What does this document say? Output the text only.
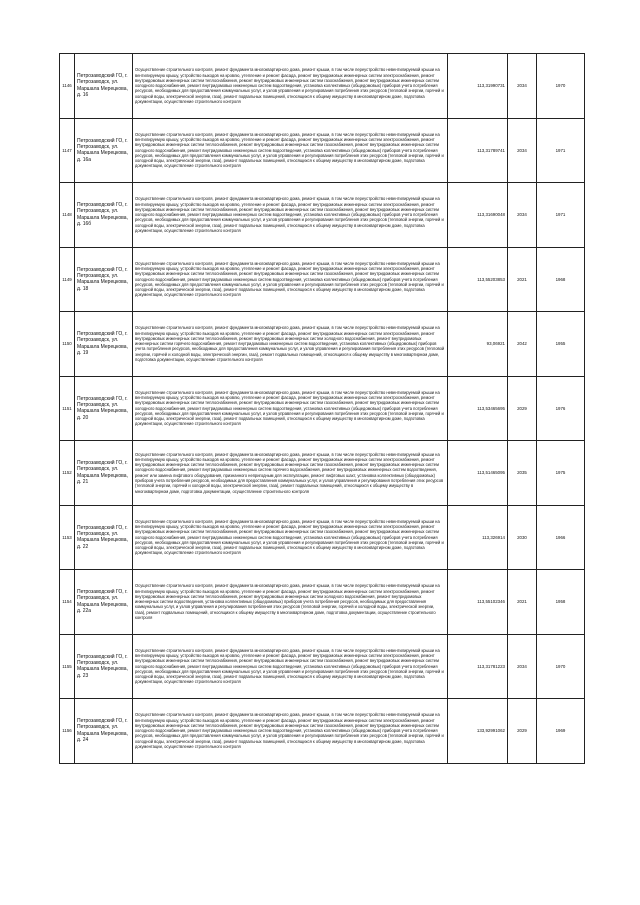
1146	Петрозаводский ГО, г. Петрозаводск, ул. Маршала Мерецкова, д. 16	Осуществление строительного контроля, ремонт фундамента многоквартирного дома, ремонт крыши, в том числе переустройство невентилируемой крыши на вентилируемую крышу, устройство выходов на кровлю, утепление и ремонт фасада, ремонт внутридомовых инженерных систем электроснабжения, ремонт внутридомовых инженерных систем теплоснабжения, ремонт внутридомовых инженерных систем газоснабжения, ремонт внутридомовых инженерных систем холодного водоснабжения, ремонт внутридомовых инженерных систем водоотведения, установка коллективных (общедомовых) приборов учета потребления ресурсов, необходимых для предоставления коммунальных услуг, и узлов управления и регулирования потребления этих ресурсов (тепловой энергии, горячей и холодной воды, электрической энергии, газа), ремонт подвальных помещений, относящихся к общему имуществу в многоквартирном доме, подготовка документации, осуществление строительного контроля	113,31990731	2034	1970
1147	Петрозаводский ГО, г. Петрозаводск, ул. Маршала Мерецкова, д. 16а	Осуществление строительного контроля, ремонт фундамента многоквартирного дома, ремонт крыши, в том числе переустройство невентилируемой крыши на вентилируемую крышу, устройство выходов на кровлю, утепление и ремонт фасада, ремонт внутридомовых инженерных систем электроснабжения, ремонт внутридомовых инженерных систем теплоснабжения, ремонт внутридомовых инженерных систем газоснабжения, ремонт внутридомовых инженерных систем холодного водоснабжения, ремонт внутридомовых инженерных систем водоотведения, установка коллективных (общедомовых) приборов учета потребления ресурсов, необходимых для предоставления коммунальных услуг, и узлов управления и регулирования потребления этих ресурсов (тепловой энергии, горячей и холодной воды, электрической энергии, газа), ремонт подвальных помещений, относящихся к общему имуществу в многоквартирном доме, подготовка документации, осуществление строительного контроля	113,31789741	2034	1971
1148	Петрозаводский ГО, г. Петрозаводск, ул. Маршала Мерецкова, д. 16б	Осуществление строительного контроля, ремонт фундамента многоквартирного дома, ремонт крыши, в том числе переустройство невентилируемой крыши на вентилируемую крышу, устройство выходов на кровлю, утепление и ремонт фасада, ремонт внутридомовых инженерных систем электроснабжения, ремонт внутридомовых инженерных систем теплоснабжения, ремонт внутридомовых инженерных систем газоснабжения, ремонт внутридомовых инженерных систем холодного водоснабжения, ремонт внутридомовых инженерных систем водоотведения, установка коллективных (общедомовых) приборов учета потребления ресурсов, необходимых для предоставления коммунальных услуг, и узлов управления и регулирования потребления этих ресурсов (тепловой энергии, горячей и холодной воды, электрической энергии, газа), ремонт подвальных помещений, относящихся к общему имуществу в многоквартирном доме, подготовка документации, осуществление строительного контроля	113,31690048	2034	1971
1149	Петрозаводский ГО, г. Петрозаводск, ул. Маршала Мерецкова, д. 18	Осуществление строительного контроля, ремонт фундамента многоквартирного дома, ремонт крыши, в том числе переустройство невентилируемой крыши на вентилируемую крышу, устройство выходов на кровлю, утепление и ремонт фасада, ремонт внутридомовых инженерных систем электроснабжения, ремонт внутридомовых инженерных систем теплоснабжения, ремонт внутридомовых инженерных систем газоснабжения, ремонт внутридомовых инженерных систем холодного водоснабжения, ремонт внутридомовых инженерных систем водоотведения, установка коллективных (общедомовых) приборов учета потребления ресурсов, необходимых для предоставления коммунальных услуг, и узлов управления и регулирования потребления этих ресурсов (тепловой энергии, горячей и холодной воды, электрической энергии, газа), ремонт подвальных помещений, относящихся к общему имуществу в многоквартирном доме, подготовка документации, осуществление строительного контроля	113,55203853	2021	1968
1150	Петрозаводский ГО, г. Петрозаводск, ул. Маршала Мерецкова, д. 19	Осуществление строительного контроля, ремонт фундамента многоквартирного дома, ремонт крыши, в том числе переустройство невентилируемой крыши на вентилируемую крышу, устройство выходов на кровлю, утепление и ремонт фасада, ремонт внутридомовых инженерных систем электроснабжения, ремонт внутридомовых инженерных систем теплоснабжения, ремонт внутридомовых инженерных систем холодного водоснабжения, ремонт внутридомовых инженерных систем горячего водоснабжения, ремонт внутридомовых инженерных систем водоотведения, установка коллективных (общедомовых) приборов учета потребления ресурсов, необходимых для предоставления коммунальных услуг, и узлов управления и регулирования потребления этих ресурсов (тепловой энергии, горячей и холодной воды, электрической энергии, газа), ремонт подвальных помещений, относящихся к общему имуществу в многоквартирном доме, подготовка документации, осуществление строительного контроля	93,06921	2042	1955
1151	Петрозаводский ГО, г. Петрозаводск, ул. Маршала Мерецкова, д. 20	Осуществление строительного контроля, ремонт фундамента многоквартирного дома, ремонт крыши, в том числе переустройство невентилируемой крыши на вентилируемую крышу, устройство выходов на кровлю, утепление и ремонт фасада, ремонт внутридомовых инженерных систем электроснабжения, ремонт внутридомовых инженерных систем теплоснабжения, ремонт внутридомовых инженерных систем газоснабжения, ремонт внутридомовых инженерных систем холодного водоснабжения, ремонт внутридомовых инженерных систем водоотведения, установка коллективных (общедомовых) приборов учета потребления ресурсов, необходимых для предоставления коммунальных услуг, и узлов управления и регулирования потребления этих ресурсов (тепловой энергии, горячей и холодной воды, электрической энергии, газа), ремонт подвальных помещений, относящихся к общему имуществу в многоквартирном доме, подготовка документации, осуществление строительного контроля	113,53465695	2029	1976
1152	Петрозаводский ГО, г. Петрозаводск, ул. Маршала Мерецкова, д. 21	Осуществление строительного контроля, ремонт фундамента многоквартирного дома, ремонт крыши, в том числе переустройство невентилируемой крыши на вентилируемую крышу, устройство выходов на кровлю, утепление и ремонт фасада, ремонт внутридомовых инженерных систем электроснабжения, ремонт внутридомовых инженерных систем теплоснабжения, ремонт внутридомовых инженерных систем газоснабжения, ремонт внутридомовых инженерных систем холодного водоснабжения, ремонт внутридомовых инженерных систем горячего водоснабжения, ремонт внутридомовых инженерных систем водоотведения, ремонт или замена лифтового оборудования, признанного непригодным для эксплуатации, ремонт лифтовых шахт, установка коллективных (общедомовых) приборов учета потребления ресурсов, необходимых для предоставления коммунальных услуг, и узлов управления и регулирования потребления этих ресурсов (тепловой энергии, горячей и холодной воды, электрической энергии, газа), ремонт подвальных помещений, относящихся к общему имуществу в многоквартирном доме, подготовка документации, осуществление строительного контроля	113,51465095	2035	1975
1153	Петрозаводский ГО, г. Петрозаводск, ул. Маршала Мерецкова, д. 22	Осуществление строительного контроля, ремонт фундамента многоквартирного дома, ремонт крыши, в том числе переустройство невентилируемой крыши на вентилируемую крышу, устройство выходов на кровлю, утепление и ремонт фасада, ремонт внутридомовых инженерных систем электроснабжения, ремонт внутридомовых инженерных систем теплоснабжения, ремонт внутридомовых инженерных систем газоснабжения, ремонт внутридомовых инженерных систем холодного водоснабжения, ремонт внутридомовых инженерных систем водоотведения, установка коллективных (общедомовых) приборов учета потребления ресурсов, необходимых для предоставления коммунальных услуг, и узлов управления и регулирования потребления этих ресурсов (тепловой энергии, горячей и холодной воды, электрической энергии, газа), ремонт подвальных помещений, относящихся к общему имуществу в многоквартирном доме, подготовка документации, осуществление строительного контроля	113,326914	2030	1966
1154	Петрозаводский ГО, г. Петрозаводск, ул. Маршала Мерецкова, д. 22а	Осуществление строительного контроля, ремонт фундамента многоквартирного дома, ремонт крыши, в том числе переустройство невентилируемой крыши на вентилируемую крышу, устройство выходов на кровлю, утепление и ремонт фасада, ремонт внутридомовых инженерных систем электроснабжения, ремонт внутридомовых инженерных систем теплоснабжения, ремонт внутридомовых инженерных систем холодного водоснабжения, ремонт внутридомовых инженерных систем водоотведения, установка коллективных (общедомовых) приборов учета потребления ресурсов, необходимых для предоставления коммунальных услуг, и узлов управления и регулирования потребления этих ресурсов (тепловой энергии, горячей и холодной воды, электрической энергии, газа), ремонт подвальных помещений, относящихся к общему имуществу в многоквартирном доме, подготовка документации, осуществление строительного контроля	113,55102346	2021	1958
1155	Петрозаводский ГО, г. Петрозаводск, ул. Маршала Мерецкова, д. 23	Осуществление строительного контроля, ремонт фундамента многоквартирного дома, ремонт крыши, в том числе переустройство невентилируемой крыши на вентилируемую крышу, устройство выходов на кровлю, утепление и ремонт фасада, ремонт внутридомовых инженерных систем электроснабжения, ремонт внутридомовых инженерных систем теплоснабжения, ремонт внутридомовых инженерных систем газоснабжения, ремонт внутридомовых инженерных систем холодного водоснабжения, ремонт внутридомовых инженерных систем водоотведения, установка коллективных (общедомовых) приборов учета потребления ресурсов, необходимых для предоставления коммунальных услуг, и узлов управления и регулирования потребления этих ресурсов (тепловой энергии, горячей и холодной воды, электрической энергии, газа), ремонт подвальных помещений, относящихся к общему имуществу в многоквартирном доме, подготовка документации, осуществление строительного контроля	113,31781223	2034	1970
1156	Петрозаводский ГО, г. Петрозаводск, ул. Маршала Мерецкова, д. 24	Осуществление строительного контроля, ремонт фундамента многоквартирного дома, ремонт крыши, в том числе переустройство невентилируемой крыши на вентилируемую крышу, устройство выходов на кровлю, утепление и ремонт фасада, ремонт внутридомовых инженерных систем электроснабжения, ремонт внутридомовых инженерных систем теплоснабжения, ремонт внутридомовых инженерных систем газоснабжения, ремонт внутридомовых инженерных систем холодного водоснабжения, ремонт внутридомовых инженерных систем водоотведения, установка коллективных (общедомовых) приборов учета потребления ресурсов, необходимых для предоставления коммунальных услуг, и узлов управления и регулирования потребления этих ресурсов (тепловой энергии, горячей и холодной воды, электрической энергии, газа), ремонт подвальных помещений, относящихся к общему имуществу в многоквартирном доме, подготовка документации, осуществление строительного контроля	133,92991062	2029	1969
